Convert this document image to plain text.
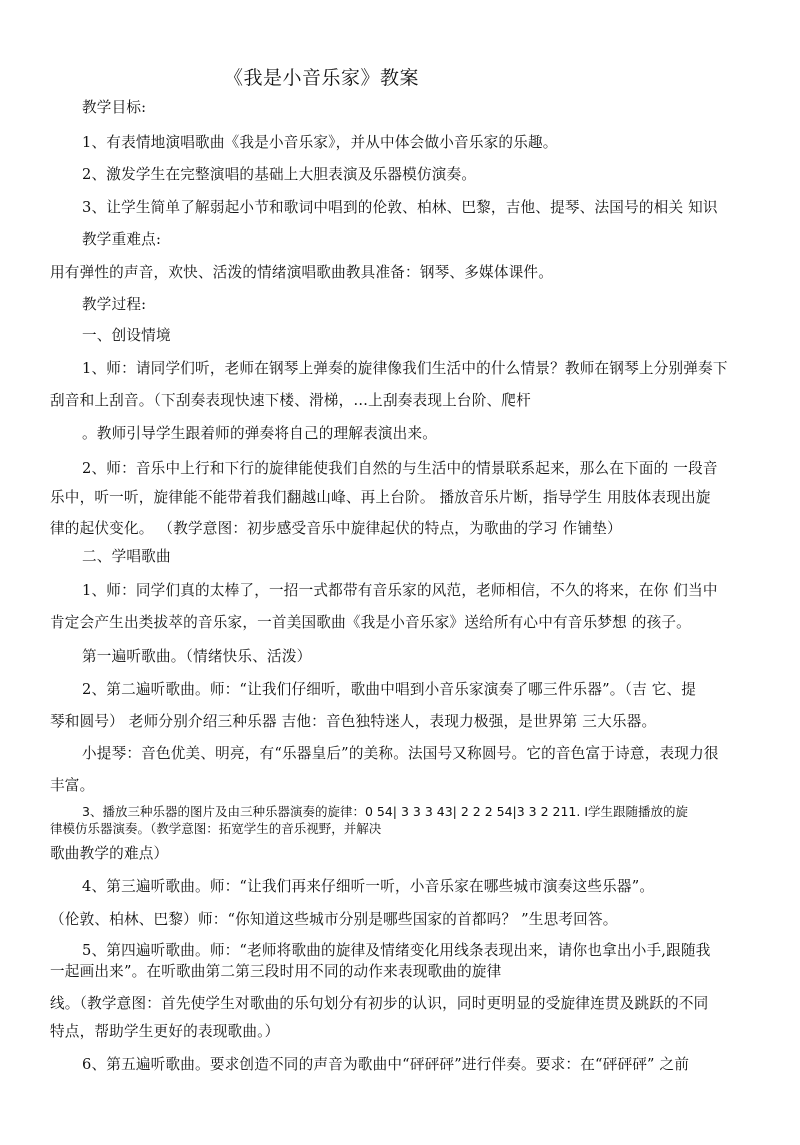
《我是小音乐家》教案
教学目标:
1、有表情地演唱歌曲《我是小音乐家》，并从中体会做小音乐家的乐趣。
2、激发学生在完整演唱的基础上大胆表演及乐器模仿演奏。
3、让学生简单了解弱起小节和歌词中唱到的伦敦、柏林、巴黎，吉他、提琴、法国号的相关 知识
教学重难点:
用有弹性的声音，欢快、活泼的情绪演唱歌曲教具准备：钢琴、多媒体课件。
教学过程:
一、创设情境
1、师：请同学们听，老师在钢琴上弹奏的旋律像我们生活中的什么情景？教师在钢琴上分别弹奏下
刮音和上刮音。（下刮奏表现快速下楼、滑梯，…上刮奏表现上台阶、爬杆
。教师引导学生跟着师的弹奏将自己的理解表演出来。
2、师：音乐中上行和下行的旋律能使我们自然的与生活中的情景联系起来，那么在下面的 一段音
乐中，听一听，旋律能不能带着我们翻越山峰、再上台阶。 播放音乐片断，指导学生 用肢体表现出旋
律的起伏变化。 （教学意图：初步感受音乐中旋律起伏的特点，为歌曲的学习 作铺垫）
二、学唱歌曲
1、师：同学们真的太棒了，一招一式都带有音乐家的风范，老师相信，不久的将来，在你 们当中
肯定会产生出类拔萃的音乐家，一首美国歌曲《我是小音乐家》送给所有心中有音乐梦想 的孩子。
第一遍听歌曲。（情绪快乐、活泼）
2、第二遍听歌曲。师：“让我们仔细听，歌曲中唱到小音乐家演奏了哪三件乐器”。（吉 它、提
琴和圆号） 老师分别介绍三种乐器 吉他：音色独特迷人，表现力极强，是世界第 三大乐器。
小提琴：音色优美、明亮，有“乐器皇后”的美称。法国号又称圆号。它的音色富于诗意，表现力很
丰富。
3、播放三种乐器的图片及由三种乐器演奏的旋律：0 54| 3 3 3 43| 2 2 2 54|3 3 2 211. I学生跟随播放的旋
律模仿乐器演奏。（教学意图：拓宽学生的音乐视野，并解决
歌曲教学的难点）
4、第三遍听歌曲。师：“让我们再来仔细听一听，小音乐家在哪些城市演奏这些乐器”。
（伦敦、柏林、巴黎）师：“你知道这些城市分别是哪些国家的首都吗？ ”生思考回答。
5、第四遍听歌曲。师：“老师将歌曲的旋律及情绪变化用线条表现出来，请你也拿出小手,跟随我
一起画出来”。在听歌曲第二第三段时用不同的动作来表现歌曲的旋律
线。（教学意图：首先使学生对歌曲的乐句划分有初步的认识，同时更明显的受旋律连贯及跳跃的不同
特点，帮助学生更好的表现歌曲。）
6、第五遍听歌曲。要求创造不同的声音为歌曲中“砰砰砰”进行伴奏。要求：在“砰砰砰” 之前
